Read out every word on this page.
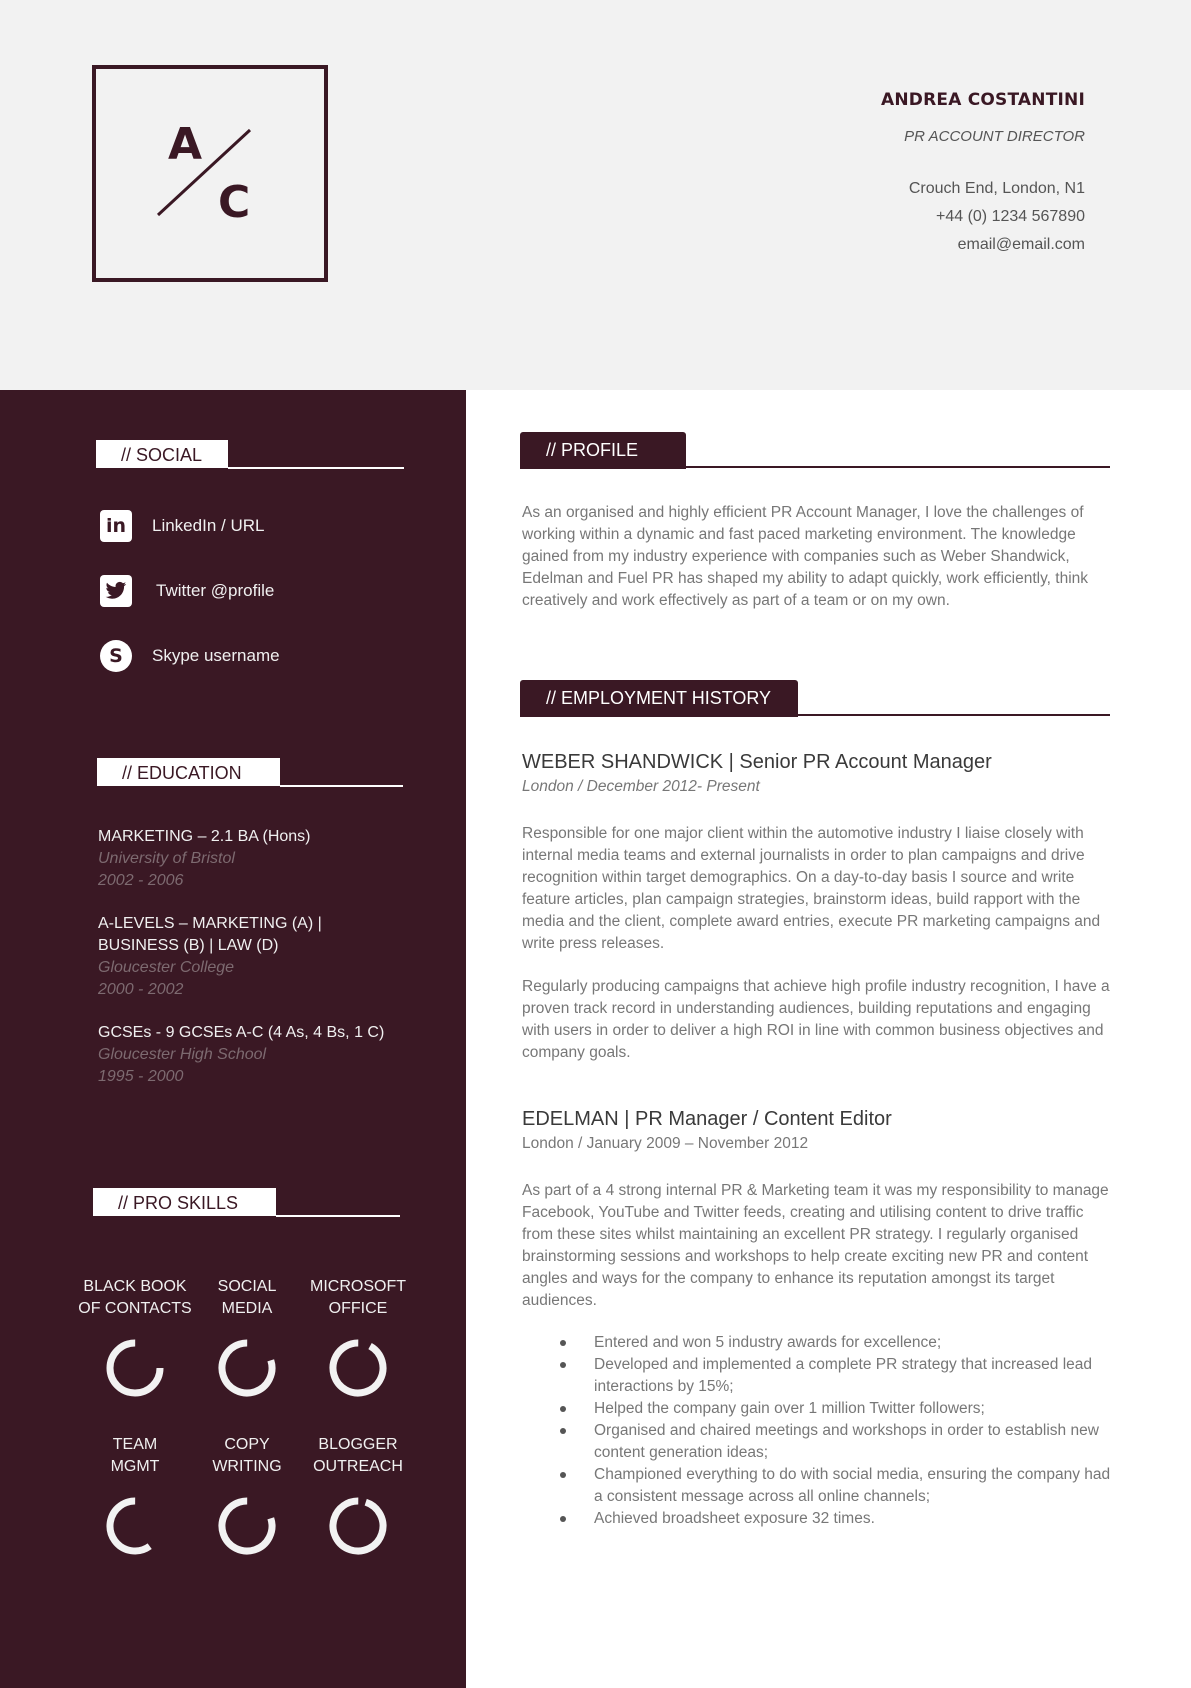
A
C
ANDREA COSTANTINI
PR ACCOUNT DIRECTOR
Crouch End, London, N1
+44 (0) 1234 567890
email@email.com
// SOCIAL
in	LinkedIn / URL
Twitter @profile
S	Skype username
// EDUCATION
MARKETING – 2.1 BA (Hons)
University of Bristol
2002 - 2006
A-LEVELS – MARKETING (A) | BUSINESS (B) | LAW (D)
Gloucester College
2000 - 2002
GCSEs - 9 GCSEs A-C (4 As, 4 Bs, 1 C)
Gloucester High School
1995 - 2000
// PRO SKILLS
BLACK BOOK
OF CONTACTS
SOCIAL
MEDIA
MICROSOFT
OFFICE
TEAM
MGMT
COPY
WRITING
BLOGGER
OUTREACH
// PROFILE
As an organised and highly efficient PR Account Manager, I love the challenges of working within a dynamic and fast paced marketing environment. The knowledge gained from my industry experience with companies such as Weber Shandwick, Edelman and Fuel PR has shaped my ability to adapt quickly, work efficiently, think creatively and work effectively as part of a team or on my own.
// EMPLOYMENT HISTORY
WEBER SHANDWICK | Senior PR Account Manager
London / December 2012- Present
Responsible for one major client within the automotive industry I liaise closely with internal media teams and external journalists in order to plan campaigns and drive recognition within target demographics. On a day-to-day basis I source and write feature articles, plan campaign strategies, brainstorm ideas, build rapport with the media and the client, complete award entries, execute PR marketing campaigns and write press releases.
Regularly producing campaigns that achieve high profile industry recognition, I have a proven track record in understanding audiences, building reputations and engaging with users in order to deliver a high ROI in line with common business objectives and company goals.
EDELMAN | PR Manager / Content Editor
London / January 2009 – November 2012
As part of a 4 strong internal PR & Marketing team it was my responsibility to manage Facebook, YouTube and Twitter feeds, creating and utilising content to drive traffic from these sites whilst maintaining an excellent PR strategy. I regularly organised brainstorming sessions and workshops to help create exciting new PR and content angles and ways for the company to enhance its reputation amongst its target audiences.
Entered and won 5 industry awards for excellence;
Developed and implemented a complete PR strategy that increased lead interactions by 15%;
Helped the company gain over 1 million Twitter followers;
Organised and chaired meetings and workshops in order to establish new content generation ideas;
Championed everything to do with social media, ensuring the company had a consistent message across all online channels;
Achieved broadsheet exposure 32 times.
